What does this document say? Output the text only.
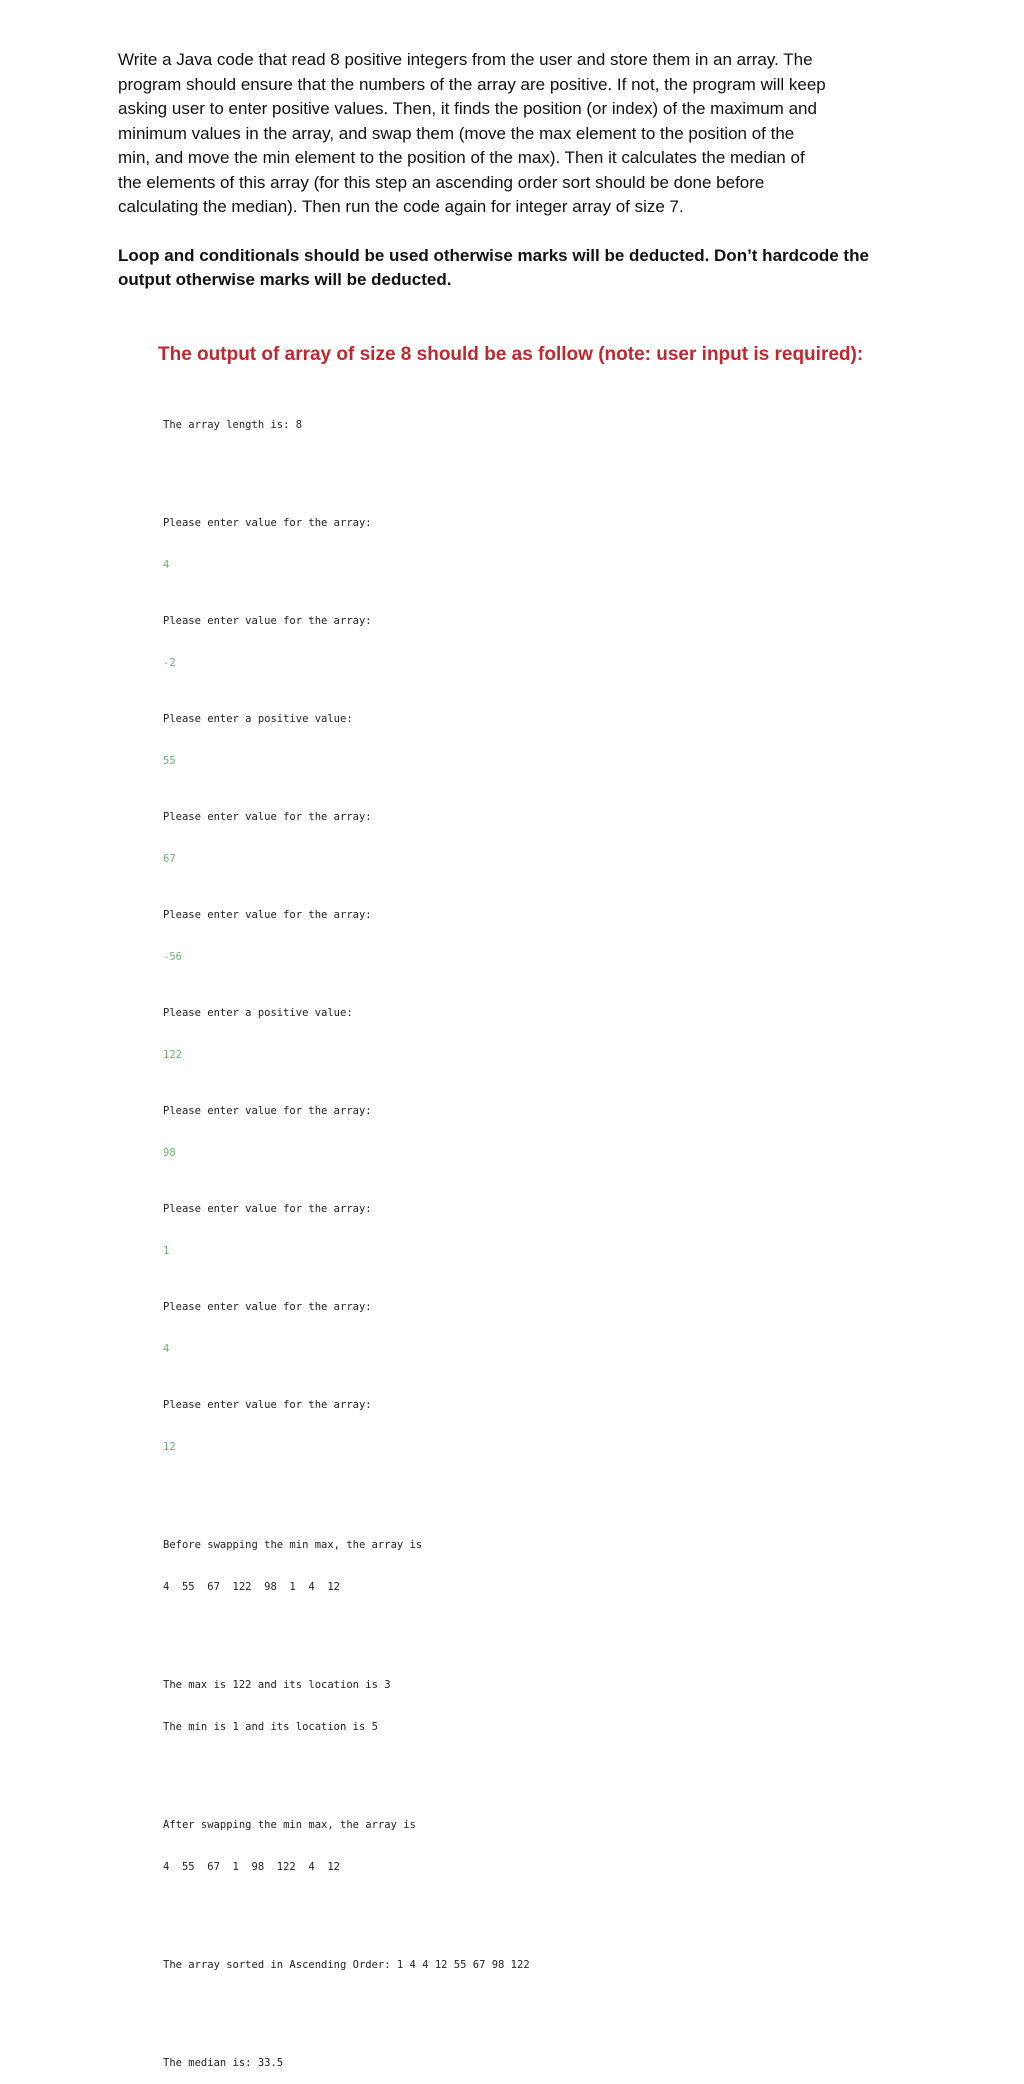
Write a Java code that read 8 positive integers from the user and store them in an array. The

program should ensure that the numbers of the array are positive. If not, the program will keep

asking user to enter positive values. Then, it finds the position (or index) of the maximum and

minimum values in the array, and swap them (move the max element to the position of the

min, and move the min element to the position of the max). Then it calculates the median of

the elements of this array (for this step an ascending order sort should be done before

calculating the median). Then run the code again for integer array of size 7.

Loop and conditionals should be used otherwise marks will be deducted. Don’t hardcode the
output otherwise marks will be deducted.
The output of array of size 8 should be as follow (note: user input is required):

The array length is: 8

Please enter value for the array:

4

Please enter value for the array:

-2

Please enter a positive value:

55

Please enter value for the array:

67

Please enter value for the array:

-56

Please enter a positive value:

122

Please enter value for the array:

98

Please enter value for the array:

1

Please enter value for the array:

4

Please enter value for the array:

12

Before swapping the min max, the array is

4  55  67  122  98  1  4  12

The max is 122 and its location is 3

The min is 1 and its location is 5

After swapping the min max, the array is

4  55  67  1  98  122  4  12

The array sorted in Ascending Order: 1 4 4 12 55 67 98 122

The median is: 33.5
